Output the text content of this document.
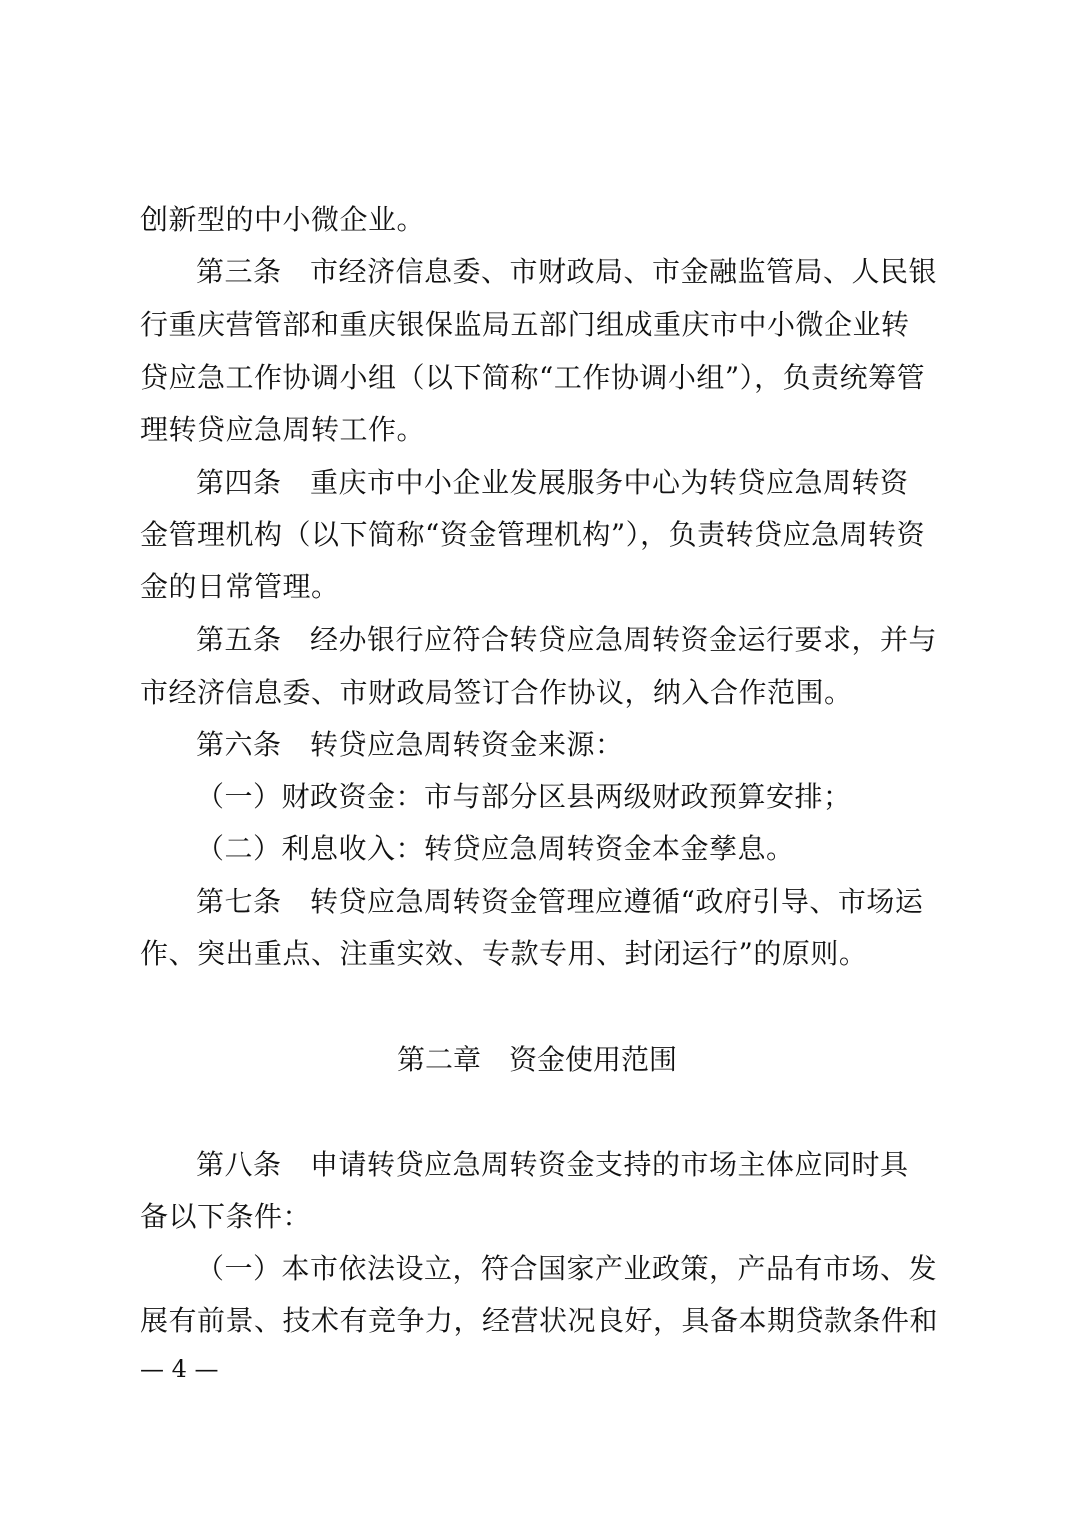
创新型的中小微企业。
第三条　市经济信息委、市财政局、市金融监管局、人民银
行重庆营管部和重庆银保监局五部门组成重庆市中小微企业转
贷应急工作协调小组（以下简称“工作协调小组”），负责统筹管
理转贷应急周转工作。
第四条　重庆市中小企业发展服务中心为转贷应急周转资
金管理机构（以下简称“资金管理机构”），负责转贷应急周转资
金的日常管理。
第五条　经办银行应符合转贷应急周转资金运行要求，并与
市经济信息委、市财政局签订合作协议，纳入合作范围。
第六条　转贷应急周转资金来源：
（一）财政资金：市与部分区县两级财政预算安排；
（二）利息收入：转贷应急周转资金本金孳息。
第七条　转贷应急周转资金管理应遵循“政府引导、市场运
作、突出重点、注重实效、专款专用、封闭运行”的原则。
第二章　资金使用范围
第八条　申请转贷应急周转资金支持的市场主体应同时具
备以下条件：
（一）本市依法设立，符合国家产业政策，产品有市场、发
展有前景、技术有竞争力，经营状况良好，具备本期贷款条件和
— 4 —
